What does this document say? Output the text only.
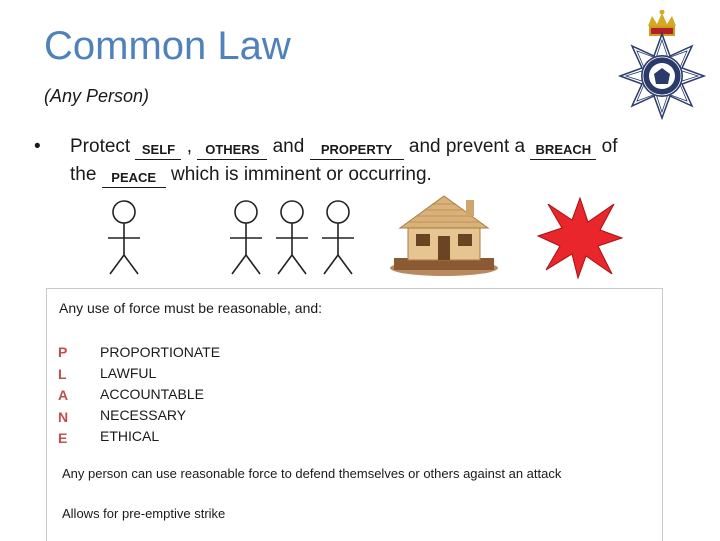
Common Law
(Any Person)
• Protect SELF , OTHERS and PROPERTY and prevent a BREACH of
the PEACE which is imminent or occurring.
Any use of force must be reasonable, and:
P
L
A
N
E
PROPORTIONATE
LAWFUL
ACCOUNTABLE
NECESSARY
ETHICAL
Any person can use reasonable force to defend themselves or others against an attack
Allows for pre-emptive strike
